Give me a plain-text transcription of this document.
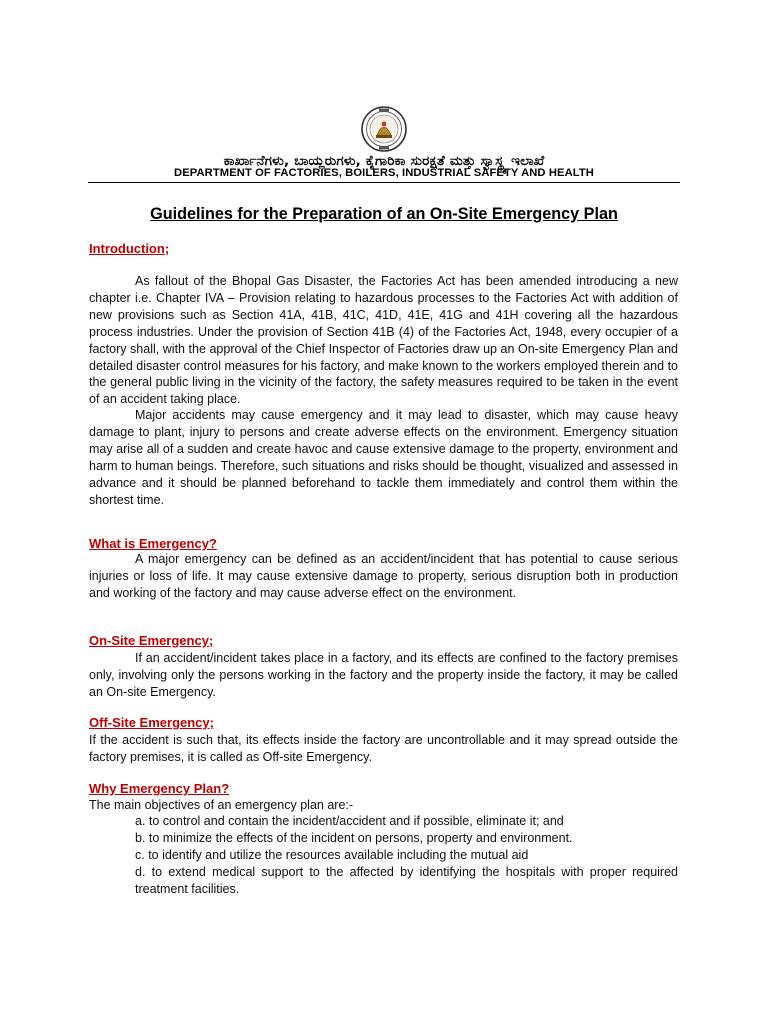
ಕಾರ್ಖಾನೆಗಳು, ಬಾಯ್ಲರುಗಳು, ಕೈಗಾರಿಕಾ ಸುರಕ್ಷತೆ ಮತ್ತು ಸ್ವಾಸ್ಥ್ಯ ಇಲಾಖೆ
DEPARTMENT OF FACTORIES, BOILERS, INDUSTRIAL SAFETY AND HEALTH
Guidelines for the Preparation of an On-Site Emergency Plan
Introduction;

As fallout of the Bhopal Gas Disaster, the Factories Act has been amended introducing a new chapter i.e. Chapter IVA – Provision relating to hazardous processes to the Factories Act with addition of new provisions such as Section 41A, 41B, 41C, 41D, 41E, 41G and 41H covering all the hazardous process industries. Under the provision of Section 41B (4) of the Factories Act, 1948, every occupier of a factory shall, with the approval of the Chief Inspector of Factories draw up an On-site Emergency Plan and detailed disaster control measures for his factory, and make known to the workers employed therein and to the general public living in the vicinity of the factory, the safety measures required to be taken in the event of an accident taking place.

Major accidents may cause emergency and it may lead to disaster, which may cause heavy damage to plant, injury to persons and create adverse effects on the environment. Emergency situation may arise all of a sudden and create havoc and cause extensive damage to the property, environment and harm to human beings. Therefore, such situations and risks should be thought, visualized and assessed in advance and it should be planned beforehand to tackle them immediately and control them within the shortest time.

What is Emergency?

A major emergency can be defined as an accident/incident that has potential to cause serious injuries or loss of life. It may cause extensive damage to property, serious disruption both in production and working of the factory and may cause adverse effect on the environment.

On-Site Emergency;

If an accident/incident takes place in a factory, and its effects are confined to the factory premises only, involving only the persons working in the factory and the property inside the factory, it may be called an On-site Emergency.

Off-Site Emergency;

If the accident is such that, its effects inside the factory are uncontrollable and it may spread outside the factory premises, it is called as Off-site Emergency.

Why Emergency Plan?

The main objectives of an emergency plan are:-

a. to control and contain the incident/accident and if possible, eliminate it; and
b. to minimize the effects of the incident on persons, property and environment.
c. to identify and utilize the resources available including the mutual aid
d. to extend medical support to the affected by identifying the hospitals with proper required treatment facilities.
